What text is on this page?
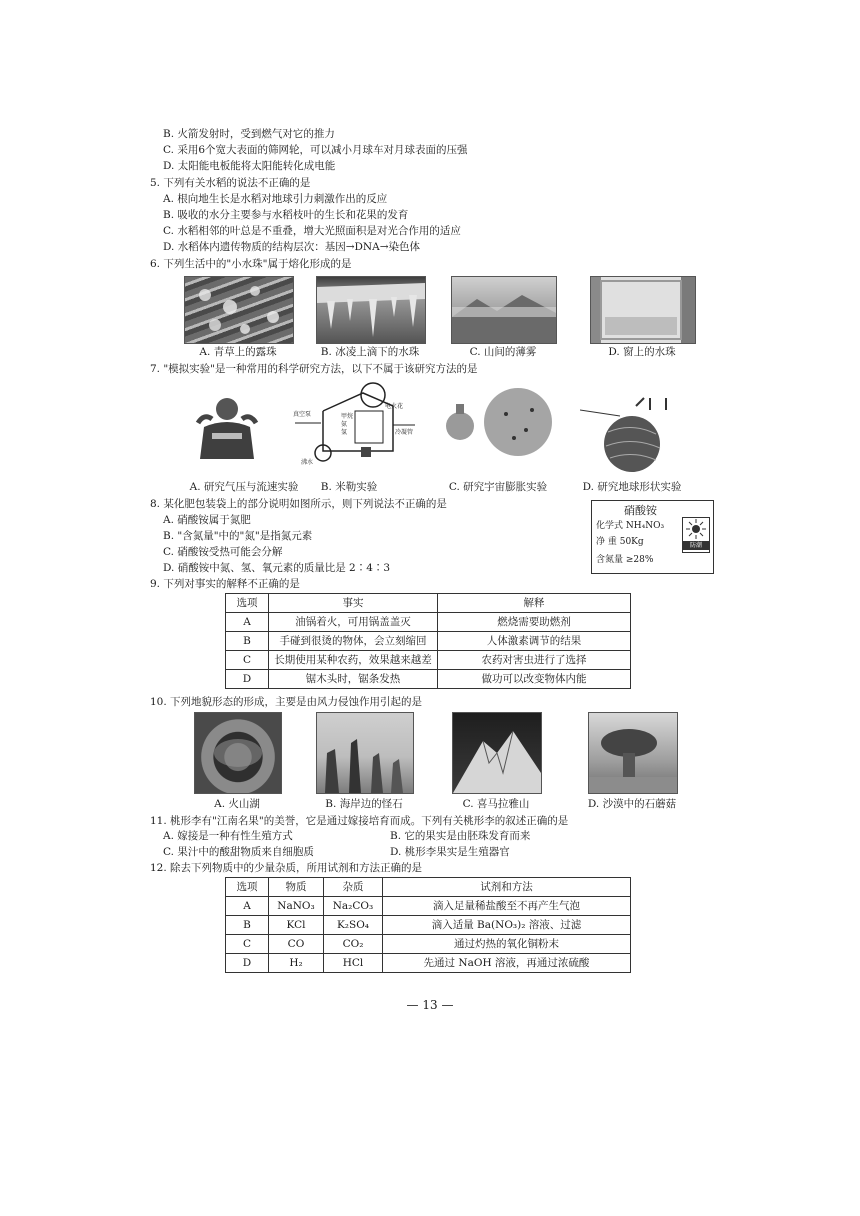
B. 火箭发射时，受到燃气对它的推力
C. 采用6个宽大表面的筛网轮，可以减小月球车对月球表面的压强
D. 太阳能电板能将太阳能转化成电能
5. 下列有关水稻的说法不正确的是
A. 根向地生长是水稻对地球引力刺激作出的反应
B. 吸收的水分主要参与水稻枝叶的生长和花果的发育
C. 水稻相邻的叶总是不重叠，增大光照面积是对光合作用的适应
D. 水稻体内遗传物质的结构层次：基因→DNA→染色体
6. 下列生活中的"小水珠"属于熔化形成的是
A. 青草上的露珠	B. 冰凌上滴下的水珠	C. 山间的薄雾	D. 窗上的水珠
7. "模拟实验"是一种常用的科学研究方法，以下不属于该研究方法的是
真空泵
电火花
冷凝管
甲烷
氨
氢
沸水
A. 研究气压与流速实验	B. 米勒实验	C. 研究宇宙膨胀实验	D. 研究地球形状实验
8. 某化肥包装袋上的部分说明如图所示，则下列说法不正确的是
A. 硝酸铵属于氮肥
B. "含氮量"中的"氮"是指氮元素
C. 硝酸铵受热可能会分解
D. 硝酸铵中氮、氢、氧元素的质量比是 2∶4∶3
硝酸铵
化学式 NH₄NO₃
净 重 50Kg
含氮量 ≥28%
防潮
9. 下列对事实的解释不正确的是
选项	事实	解释
A	油锅着火，可用锅盖盖灭	燃烧需要助燃剂
B	手碰到很烫的物体，会立刻缩回	人体激素调节的结果
C	长期使用某种农药，效果越来越差	农药对害虫进行了选择
D	锯木头时，锯条发热	做功可以改变物体内能
10. 下列地貌形态的形成，主要是由风力侵蚀作用引起的是
A. 火山湖	B. 海岸边的怪石	C. 喜马拉雅山	D. 沙漠中的石蘑菇
11. 桃形李有"江南名果"的美誉，它是通过嫁接培育而成。下列有关桃形李的叙述正确的是
A. 嫁接是一种有性生殖方式	B. 它的果实是由胚珠发育而来
C. 果汁中的酸甜物质来自细胞质	D. 桃形李果实是生殖器官
12. 除去下列物质中的少量杂质，所用试剂和方法正确的是
选项	物质	杂质	试剂和方法
A	NaNO₃	Na₂CO₃	滴入足量稀盐酸至不再产生气泡
B	KCl	K₂SO₄	滴入适量 Ba(NO₃)₂ 溶液、过滤
C	CO	CO₂	通过灼热的氧化铜粉末
D	H₂	HCl	先通过 NaOH 溶液，再通过浓硫酸
— 13 —
